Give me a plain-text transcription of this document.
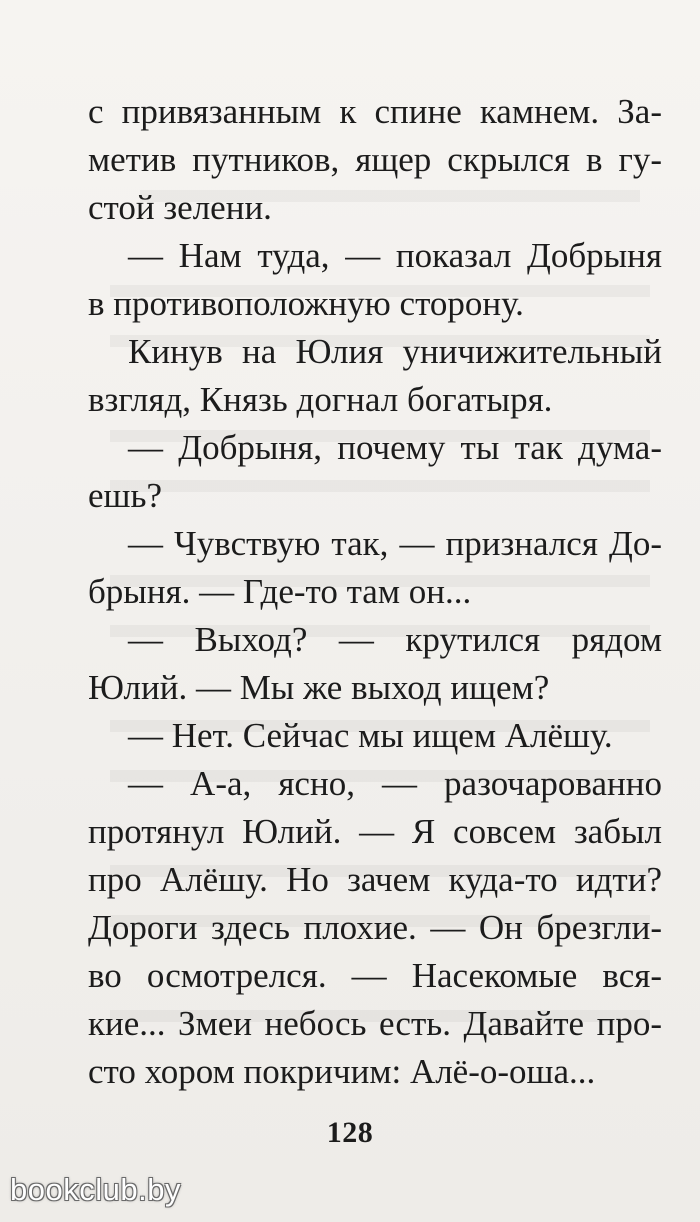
с привязанным к спине камнем. За-
метив путников, ящер скрылся в гу-
стой зелени.
— Нам туда, — показал Добрыня
в противоположную сторону.
Кинув на Юлия уничижительный
взгляд, Князь догнал богатыря.
— Добрыня, почему ты так дума-
ешь?
— Чувствую так, — признался До-
брыня. — Где-то там он...
— Выход? — крутился рядом
Юлий. — Мы же выход ищем?
— Нет. Сейчас мы ищем Алёшу.
— А-а, ясно, — разочарованно
протянул Юлий. — Я совсем забыл
про Алёшу. Но зачем куда-то идти?
Дороги здесь плохие. — Он брезгли-
во осмотрелся. — Насекомые вся-
кие... Змеи небось есть. Давайте про-
сто хором покричим: Алё-о-оша...
128
bookclub.by
